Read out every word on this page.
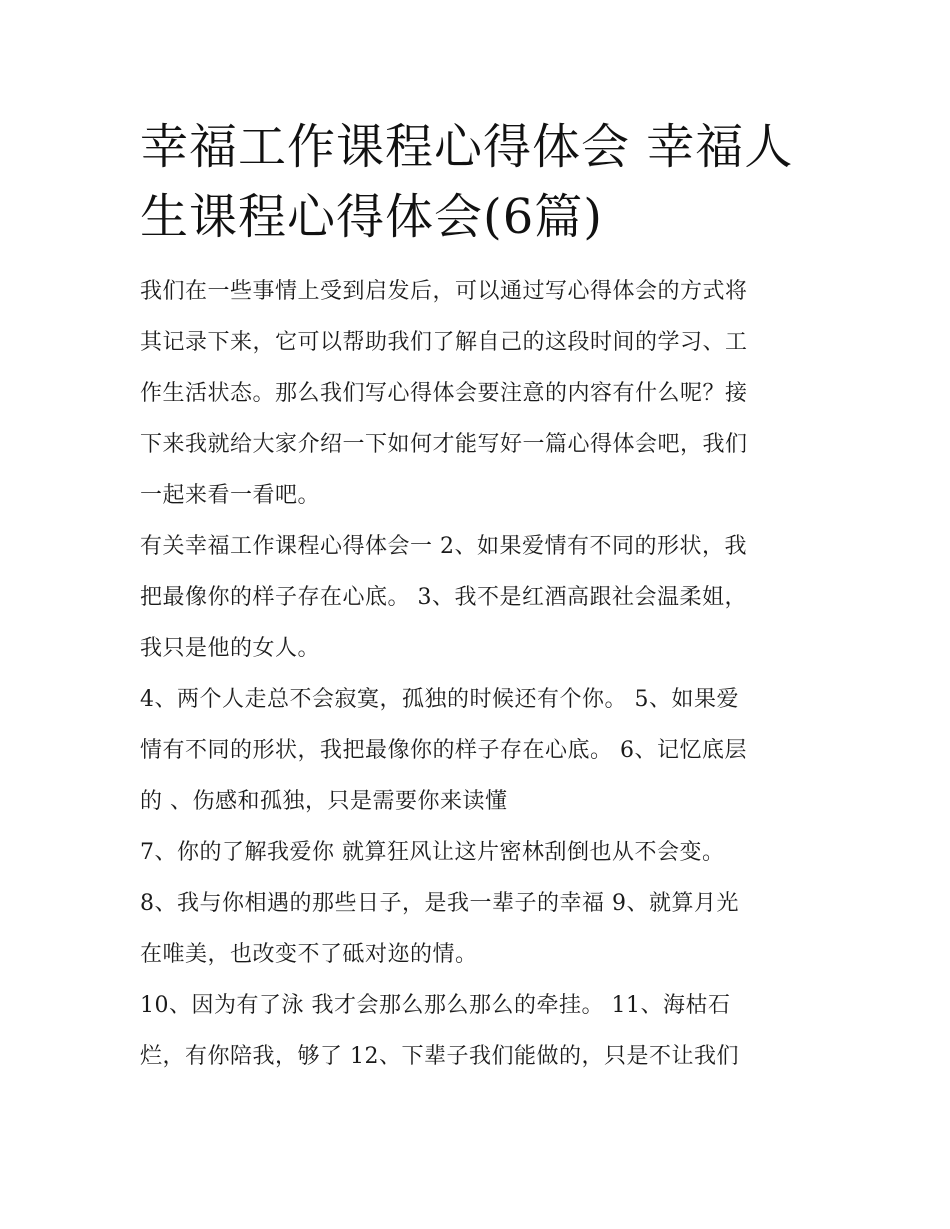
幸福工作课程心得体会 幸福人
生课程心得体会(6篇)

我们在一些事情上受到启发后，可以通过写心得体会的方式将
其记录下来，它可以帮助我们了解自己的这段时间的学习、工
作生活状态。那么我们写心得体会要注意的内容有什么呢？接
下来我就给大家介绍一下如何才能写好一篇心得体会吧，我们
一起来看一看吧。

有关幸福工作课程心得体会一 2、如果爱情有不同的形状，我
把最像你的样子存在心底。 3、我不是红酒高跟社会温柔姐，
我只是他的女人。

4、两个人走总不会寂寞，孤独的时候还有个你。 5、如果爱
情有不同的形状，我把最像你的样子存在心底。 6、记忆底层
的 、伤感和孤独，只是需要你来读懂

7、你的了解我爱你 就算狂风让这片密林刮倒也从不会变。

8、我与你相遇的那些日子，是我一辈子的幸福 9、就算月光
在唯美，也改变不了砥对迩的情。

10、因为有了泳 我才会那么那么那么的牵挂。 11、海枯石
烂，有你陪我，够了 12、下辈子我们能做的，只是不让我们
